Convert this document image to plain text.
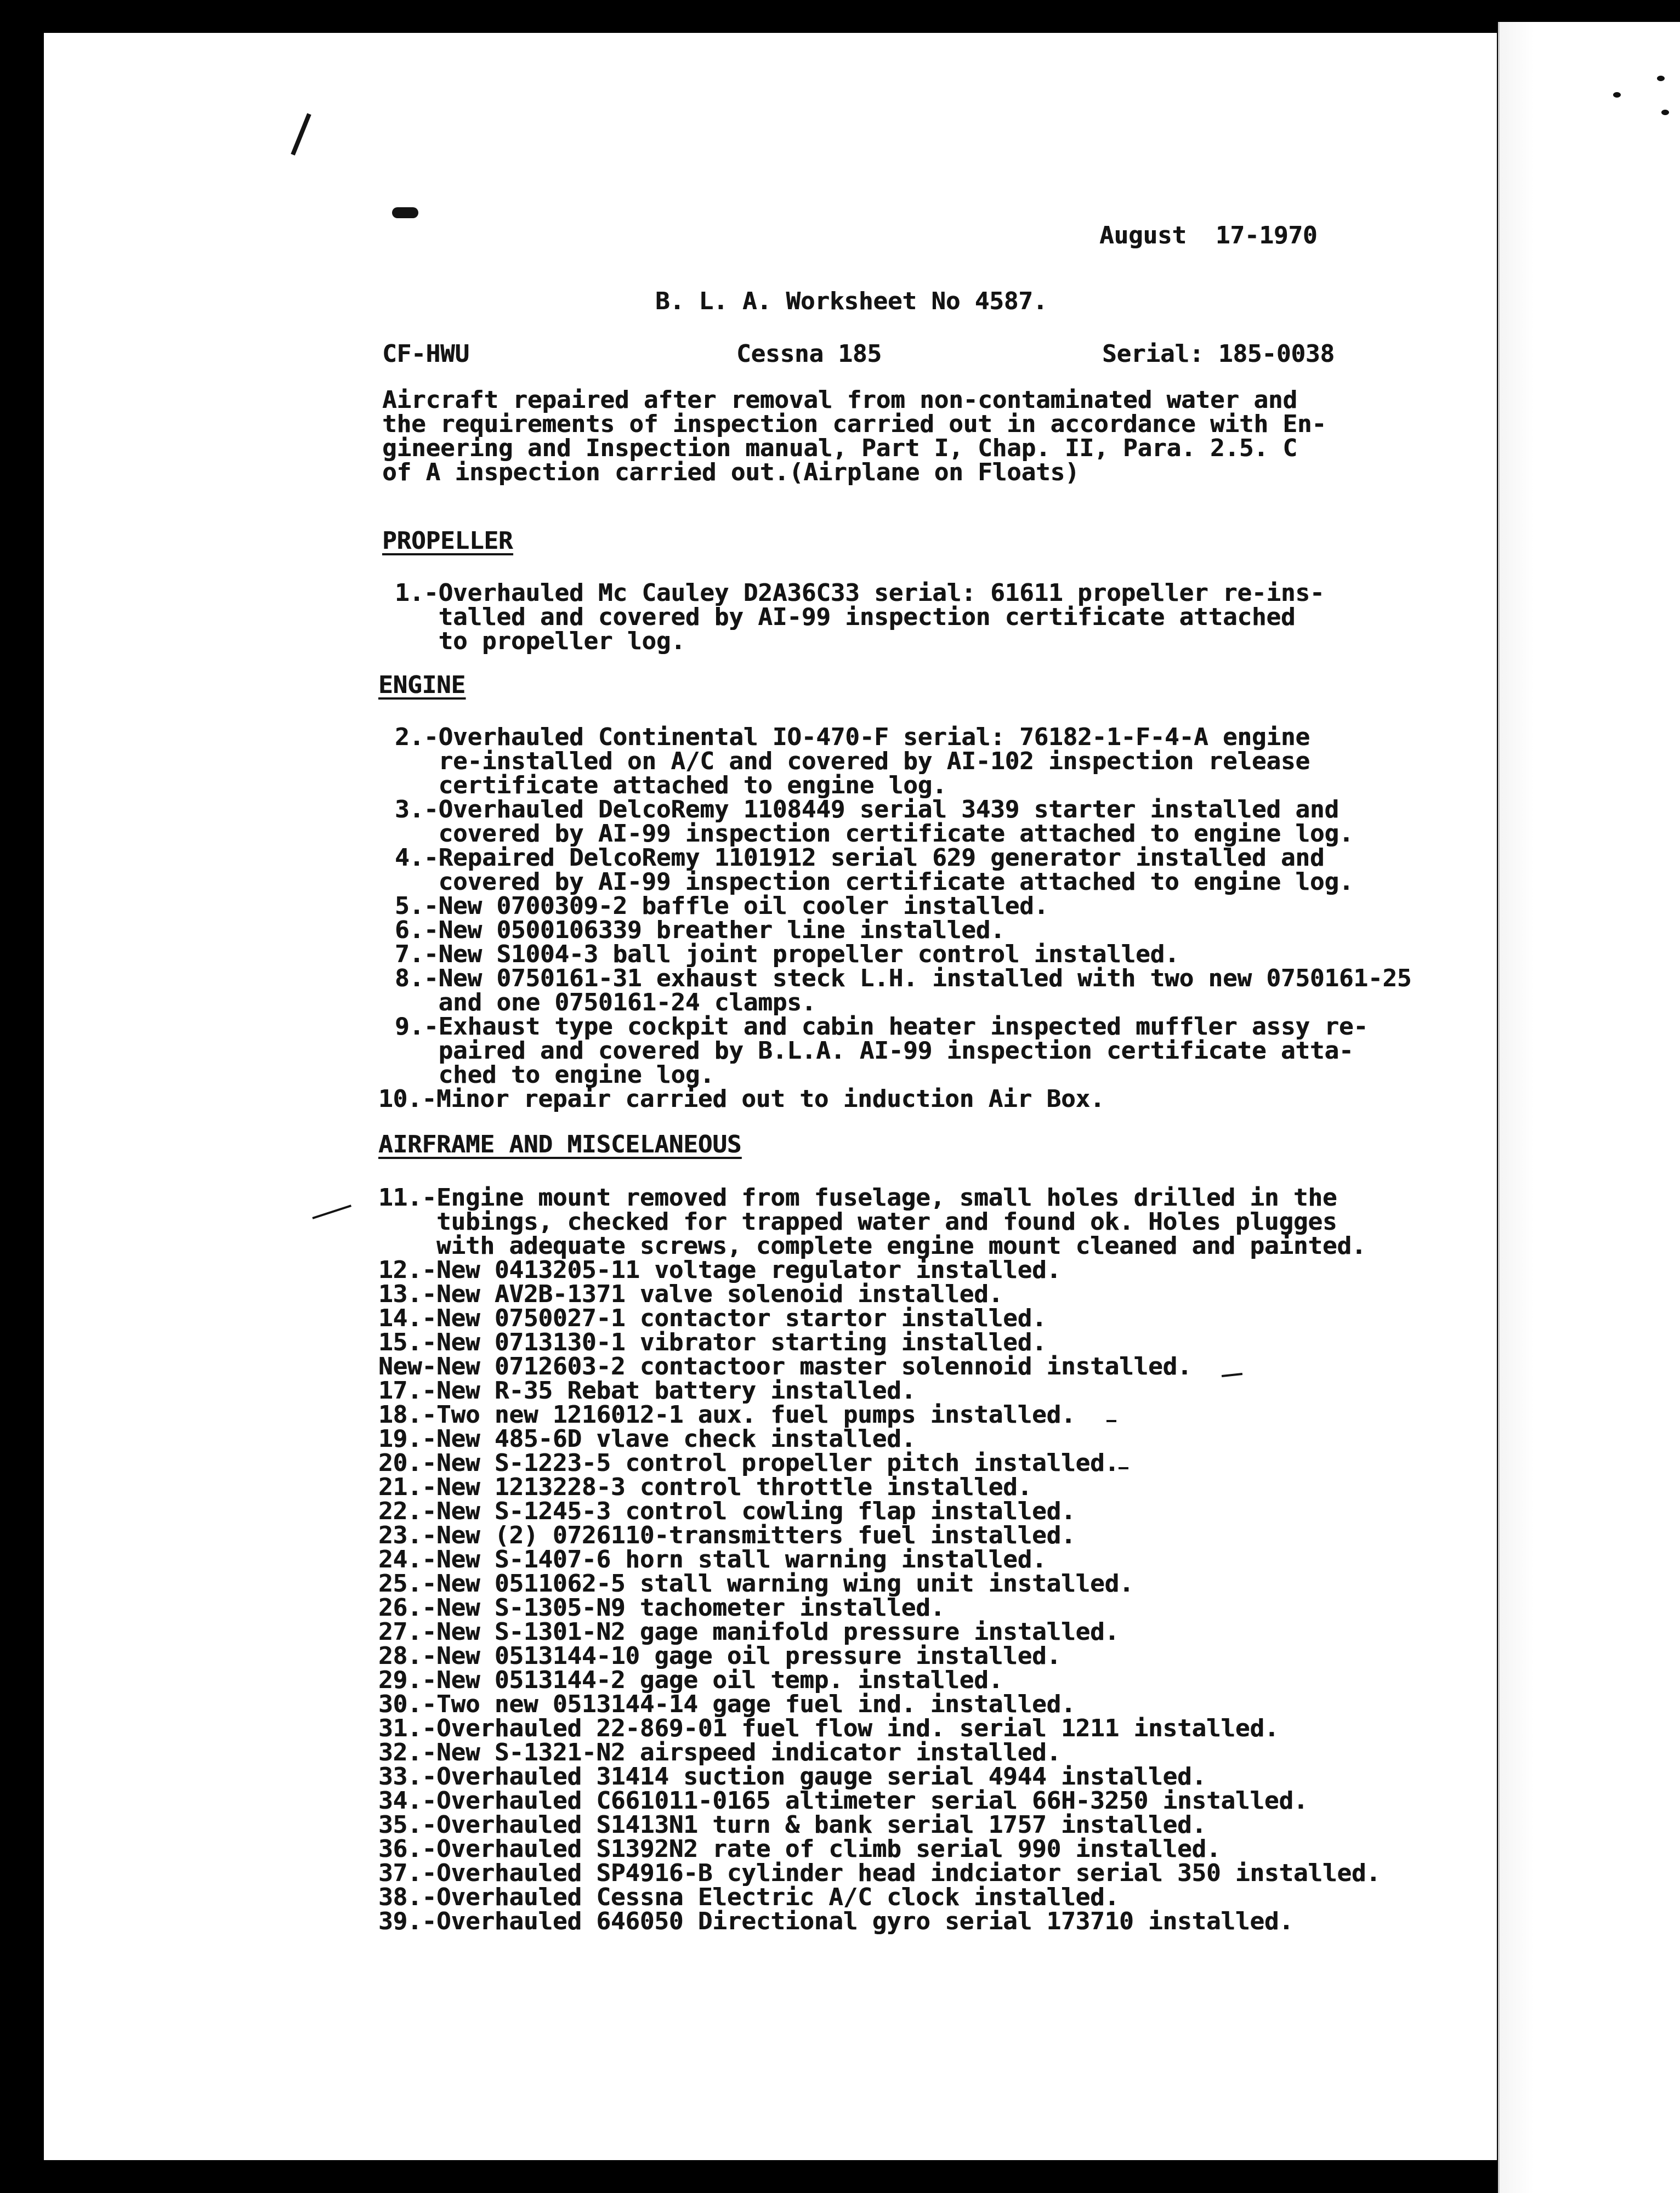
August  17-1970
B. L. A. Worksheet No 4587.
CF-HWU	Cessna 185	Serial: 185-0038
Aircraft repaired after removal from non-contaminated water and
the requirements of inspection carried out in accordance with En-
gineering and Inspection manual, Part I, Chap. II, Para. 2.5. C
of A inspection carried out.(Airplane on Floats)
PROPELLER
1.-Overhauled Mc Cauley D2A36C33 serial: 61611 propeller re-ins-
talled and covered by AI-99 inspection certificate attached
to propeller log.
ENGINE
2.-Overhauled Continental IO-470-F serial: 76182-1-F-4-A engine
re-installed on A/C and covered by AI-102 inspection release
certificate attached to engine log.
3.-Overhauled DelcoRemy 1108449 serial 3439 starter installed and
covered by AI-99 inspection certificate attached to engine log.
4.-Repaired DelcoRemy 1101912 serial 629 generator installed and
covered by AI-99 inspection certificate attached to engine log.
5.-New 0700309-2 baffle oil cooler installed.
6.-New 0500106339 breather line installed.
7.-New S1004-3 ball joint propeller control installed.
8.-New 0750161-31 exhaust steck L.H. installed with two new 0750161-25
and one 0750161-24 clamps.
9.-Exhaust type cockpit and cabin heater inspected muffler assy re-
paired and covered by B.L.A. AI-99 inspection certificate atta-
ched to engine log.
10.-Minor repair carried out to induction Air Box.
AIRFRAME AND MISCELANEOUS
11.-Engine mount removed from fuselage, small holes drilled in the
tubings, checked for trapped water and found ok. Holes plugges
with adequate screws, complete engine mount cleaned and painted.
12.-New 0413205-11 voltage regulator installed.
13.-New AV2B-1371 valve solenoid installed.
14.-New 0750027-1 contactor startor installed.
15.-New 0713130-1 vibrator starting installed.
New-New 0712603-2 contactoor master solennoid installed.
17.-New R-35 Rebat battery installed.
18.-Two new 1216012-1 aux. fuel pumps installed.
19.-New 485-6D vlave check installed.
20.-New S-1223-5 control propeller pitch installed.
21.-New 1213228-3 control throttle installed.
22.-New S-1245-3 control cowling flap installed.
23.-New (2) 0726110-transmitters fuel installed.
24.-New S-1407-6 horn stall warning installed.
25.-New 0511062-5 stall warning wing unit installed.
26.-New S-1305-N9 tachometer installed.
27.-New S-1301-N2 gage manifold pressure installed.
28.-New 0513144-10 gage oil pressure installed.
29.-New 0513144-2 gage oil temp. installed.
30.-Two new 0513144-14 gage fuel ind. installed.
31.-Overhauled 22-869-01 fuel flow ind. serial 1211 installed.
32.-New S-1321-N2 airspeed indicator installed.
33.-Overhauled 31414 suction gauge serial 4944 installed.
34.-Overhauled C661011-0165 altimeter serial 66H-3250 installed.
35.-Overhauled S1413N1 turn & bank serial 1757 installed.
36.-Overhauled S1392N2 rate of climb serial 990 installed.
37.-Overhauled SP4916-B cylinder head indciator serial 350 installed.
38.-Overhauled Cessna Electric A/C clock installed.
39.-Overhauled 646050 Directional gyro serial 173710 installed.
